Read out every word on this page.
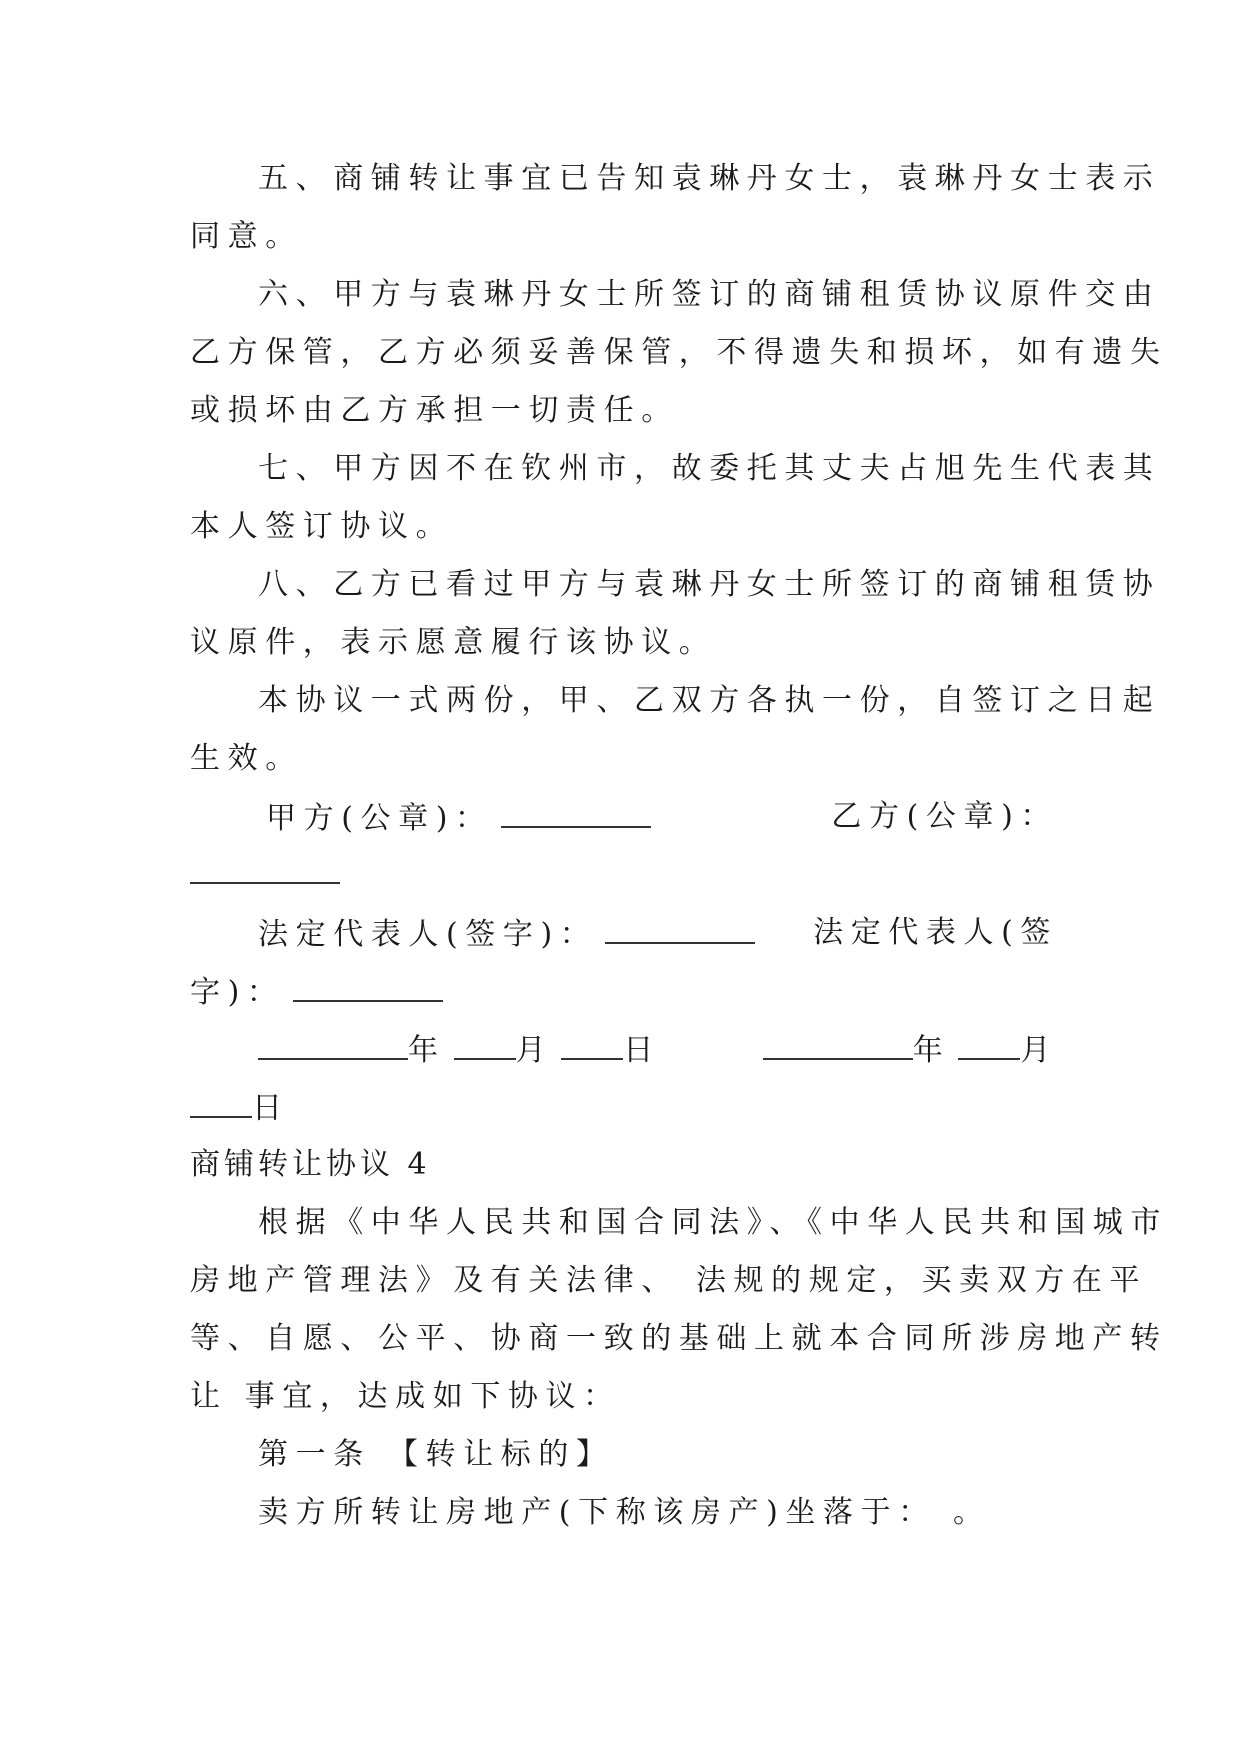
五、商铺转让事宜已告知袁琳丹女士，袁琳丹女士表示
同意。
六、甲方与袁琳丹女士所签订的商铺租赁协议原件交由
乙方保管，乙方必须妥善保管，不得遗失和损坏，如有遗失
或损坏由乙方承担一切责任。
七、甲方因不在钦州市，故委托其丈夫占旭先生代表其
本人签订协议。
八、乙方已看过甲方与袁琳丹女士所签订的商铺租赁协
议原件，表示愿意履行该协议。
本协议一式两份，甲、乙双方各执一份，自签订之日起
生效。
甲方(公章)：	乙方(公章)：
法定代表人(签字)：	法定代表人(签
字)：
年 月 日	年 月
日
商铺转让协议 4
根据《中华人民共和国合同法》、《中华人民共和国城市
房地产管理法》及有关法律、 法规的规定，买卖双方在平
等、自愿、公平、协商一致的基础上就本合同所涉房地产转
让 事宜，达成如下协议：
第一条 【转让标的】
卖方所转让房地产(下称该房产)坐落于： 。
